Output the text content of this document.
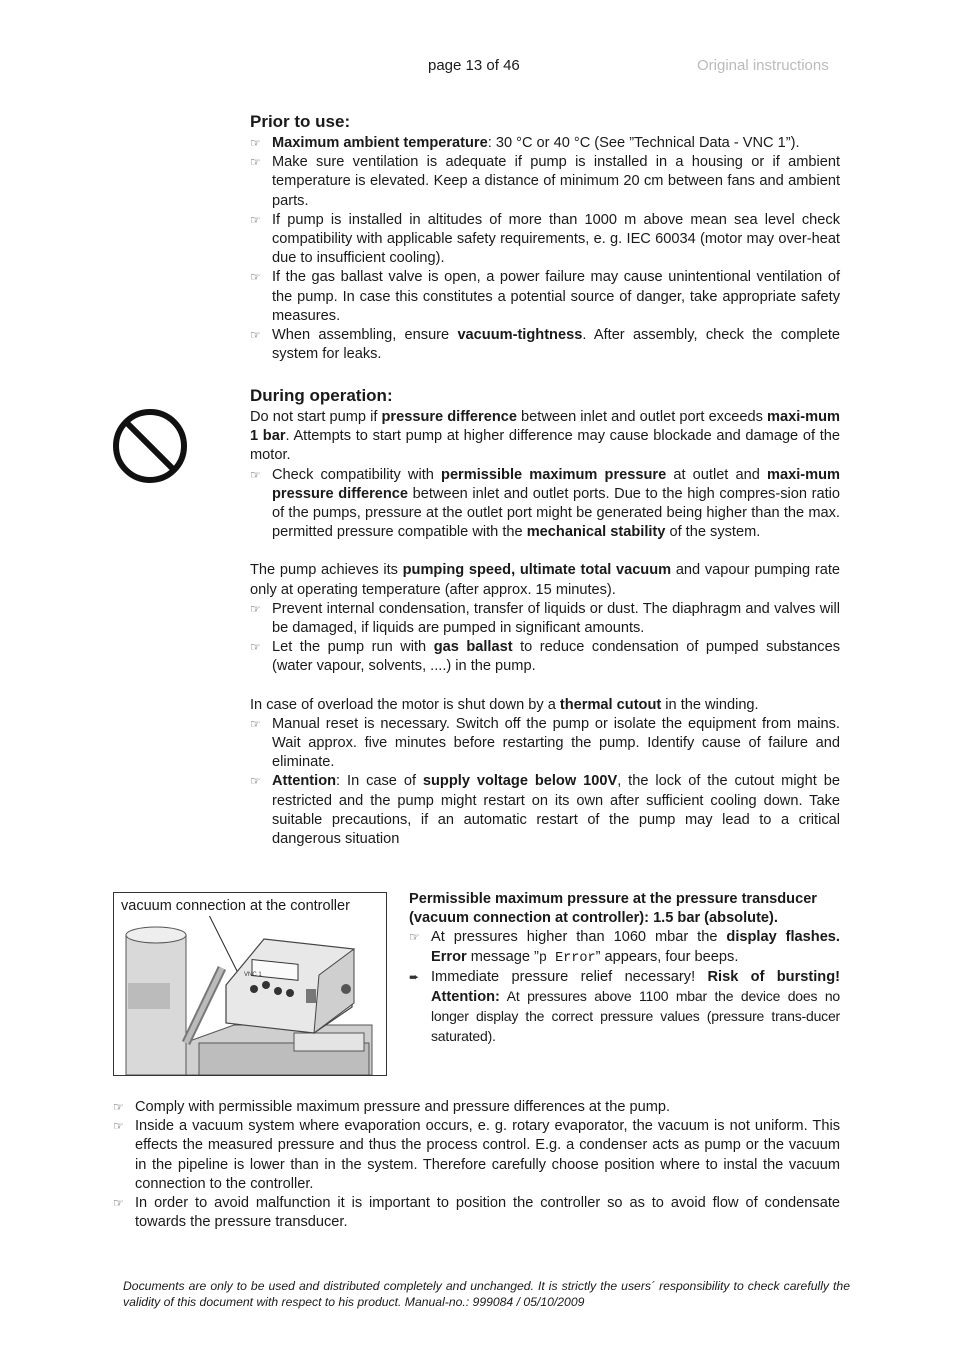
page 13 of 46	Original instructions
Prior to use:
☞ Maximum ambient temperature: 30 °C or 40 °C (See ”Technical Data - VNC 1”).
☞ Make sure ventilation is adequate if pump is installed in a housing or if ambient temperature is elevated. Keep a distance of minimum 20 cm between fans and ambient parts.
☞ If pump is installed in altitudes of more than 1000 m above mean sea level check compatibility with applicable safety requirements, e. g. IEC 60034 (motor may over-heat due to insufficient cooling).
☞ If the gas ballast valve is open, a power failure may cause unintentional ventilation of the pump. In case this constitutes a potential source of danger, take appropriate safety measures.
☞ When assembling, ensure vacuum-tightness. After assembly, check the complete system for leaks.
During operation:

Do not start pump if pressure difference between inlet and outlet port exceeds maxi-mum 1 bar. Attempts to start pump at higher difference may cause blockade and damage of the motor.

☞ Check compatibility with permissible maximum pressure at outlet and maxi-mum pressure difference between inlet and outlet ports. Due to the high compres-sion ratio of the pumps, pressure at the outlet port might be generated being higher than the max. permitted pressure compatible with the mechanical stability of the system.

The pump achieves its pumping speed, ultimate total vacuum and vapour pumping rate only at operating temperature (after approx. 15 minutes).

☞ Prevent internal condensation, transfer of liquids or dust. The diaphragm and valves will be damaged, if liquids are pumped in significant amounts.
☞ Let the pump run with gas ballast to reduce condensation of pumped substances (water vapour, solvents, ....) in the pump.

In case of overload the motor is shut down by a thermal cutout in the winding.

☞ Manual reset is necessary. Switch off the pump or isolate the equipment from mains. Wait approx. five minutes before restarting the pump. Identify cause of failure and eliminate.
☞ Attention: In case of supply voltage below 100V, the lock of the cutout might be restricted and the pump might restart on its own after sufficient cooling down. Take suitable precautions, if an automatic restart of the pump may lead to a critical dangerous situation
vacuum connection at the controller
VNC 1

Permissible maximum pressure at the pressure transducer (vacuum connection at controller): 1.5 bar (absolute).

☞ At pressures higher than 1060 mbar the display flashes. Error message ”p Error” appears, four beeps.
➨ Immediate pressure relief necessary! Risk of bursting! Attention: At pressures above 1100 mbar the device does no longer display the correct pressure values (pressure trans-ducer saturated).
☞ Comply with permissible maximum pressure and pressure differences at the pump.
☞ Inside a vacuum system where evaporation occurs, e. g. rotary evaporator, the vacuum is not uniform. This effects the measured pressure and thus the process control. E.g. a condenser acts as pump or the vacuum in the pipeline is lower than in the system. Therefore carefully choose position where to instal the vacuum connection to the controller.
☞ In order to avoid malfunction it is important to position the controller so as to avoid flow of condensate towards the pressure transducer.
Documents are only to be used and distributed completely and unchanged. It is strictly the users´ responsibility to check carefully the validity of this document with respect to his product. Manual-no.: 999084 / 05/10/2009
